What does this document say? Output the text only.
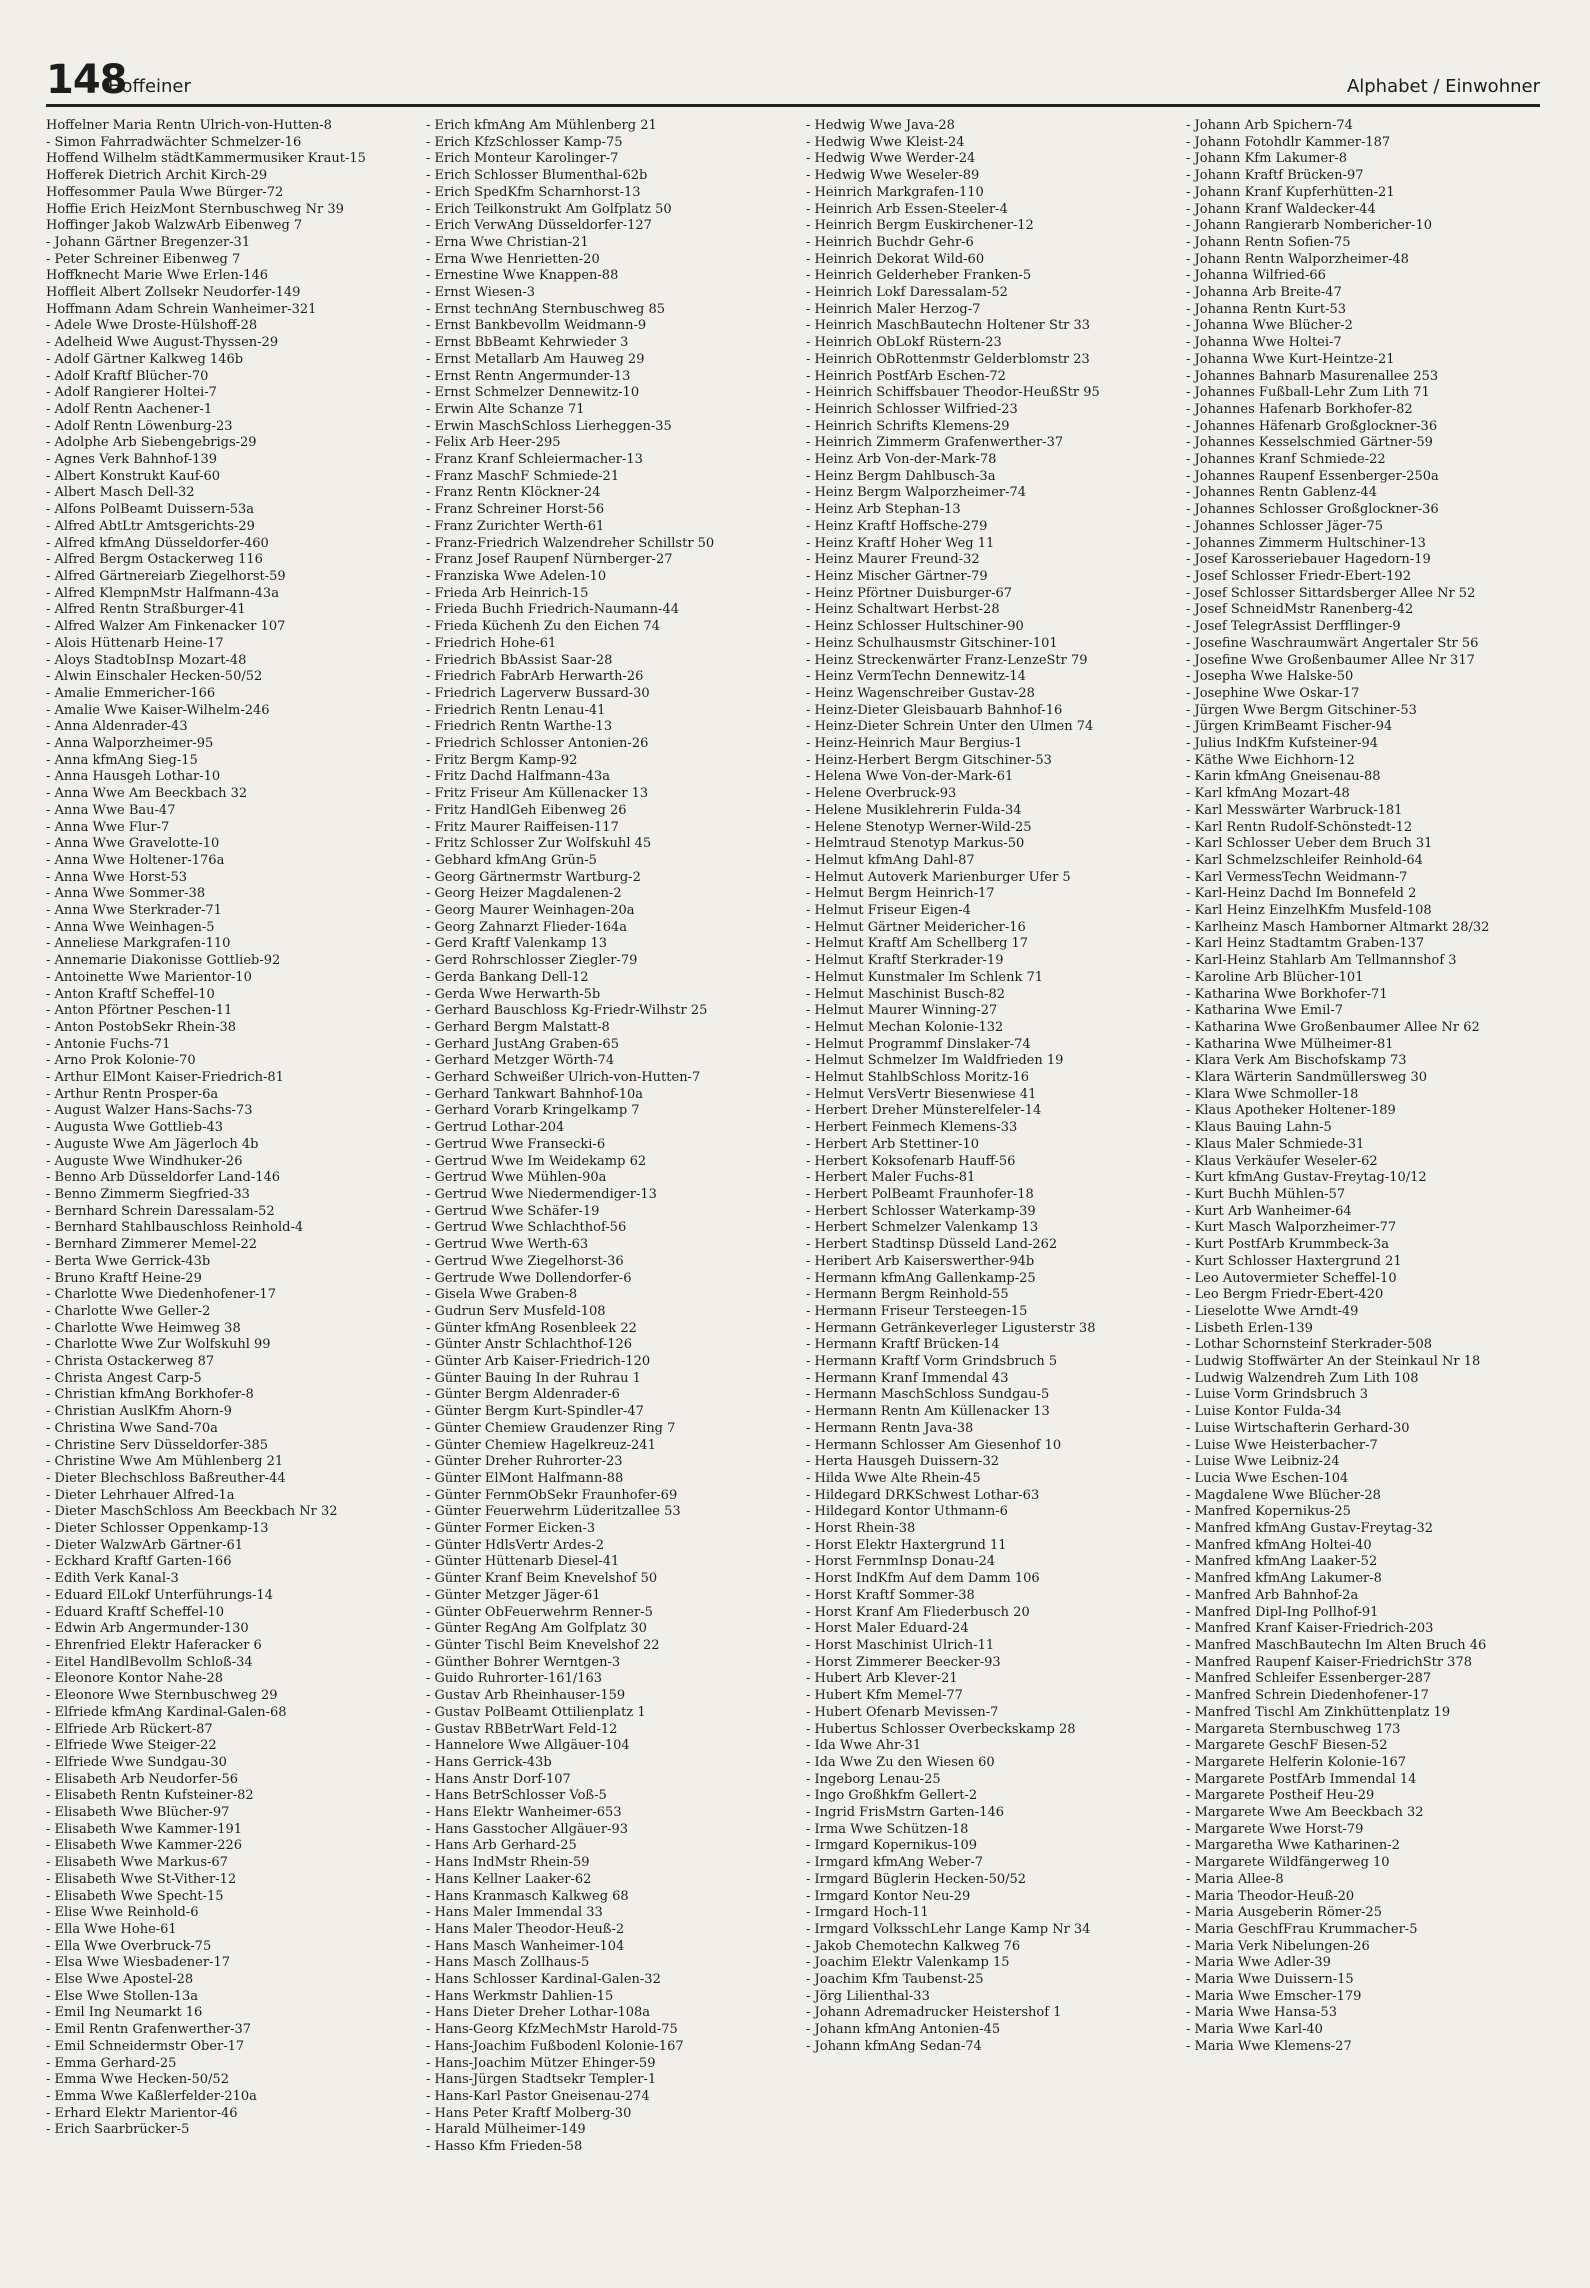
148
Hoffeiner	Alphabet / Einwohner
Hoffelner Maria Rentn Ulrich-von-Hutten-8
- Simon Fahrradwächter Schmelzer-16
Hoffend Wilhelm städtKammermusiker Kraut-15
Hofferek Dietrich Archit Kirch-29
Hoffesommer Paula Wwe Bürger-72
Hoffie Erich HeizMont Sternbuschweg Nr 39
Hoffinger Jakob WalzwArb Eibenweg 7
- Johann Gärtner Bregenzer-31
- Peter Schreiner Eibenweg 7
Hoffknecht Marie Wwe Erlen-146
Hoffleit Albert Zollsekr Neudorfer-149
Hoffmann Adam Schrein Wanheimer-321
- Adele Wwe Droste-Hülshoff-28
- Adelheid Wwe August-Thyssen-29
- Adolf Gärtner Kalkweg 146b
- Adolf Kraftf Blücher-70
- Adolf Rangierer Holtei-7
- Adolf Rentn Aachener-1
- Adolf Rentn Löwenburg-23
- Adolphe Arb Siebengebrigs-29
- Agnes Verk Bahnhof-139
- Albert Konstrukt Kauf-60
- Albert Masch Dell-32
- Alfons PolBeamt Duissern-53a
- Alfred AbtLtr Amtsgerichts-29
- Alfred kfmAng Düsseldorfer-460
- Alfred Bergm Ostackerweg 116
- Alfred Gärtnereiarb Ziegelhorst-59
- Alfred KlempnMstr Halfmann-43a
- Alfred Rentn Straßburger-41
- Alfred Walzer Am Finkenacker 107
- Alois Hüttenarb Heine-17
- Aloys StadtobInsp Mozart-48
- Alwin Einschaler Hecken-50/52
- Amalie Emmericher-166
- Amalie Wwe Kaiser-Wilhelm-246
- Anna Aldenrader-43
- Anna Walporzheimer-95
- Anna kfmAng Sieg-15
- Anna Hausgeh Lothar-10
- Anna Wwe Am Beeckbach 32
- Anna Wwe Bau-47
- Anna Wwe Flur-7
- Anna Wwe Gravelotte-10
- Anna Wwe Holtener-176a
- Anna Wwe Horst-53
- Anna Wwe Sommer-38
- Anna Wwe Sterkrader-71
- Anna Wwe Weinhagen-5
- Anneliese Markgrafen-110
- Annemarie Diakonisse Gottlieb-92
- Antoinette Wwe Marientor-10
- Anton Kraftf Scheffel-10
- Anton Pförtner Peschen-11
- Anton PostobSekr Rhein-38
- Antonie Fuchs-71
- Arno Prok Kolonie-70
- Arthur ElMont Kaiser-Friedrich-81
- Arthur Rentn Prosper-6a
- August Walzer Hans-Sachs-73
- Augusta Wwe Gottlieb-43
- Auguste Wwe Am Jägerloch 4b
- Auguste Wwe Windhuker-26
- Benno Arb Düsseldorfer Land-146
- Benno Zimmerm Siegfried-33
- Bernhard Schrein Daressalam-52
- Bernhard Stahlbauschloss Reinhold-4
- Bernhard Zimmerer Memel-22
- Berta Wwe Gerrick-43b
- Bruno Kraftf Heine-29
- Charlotte Wwe Diedenhofener-17
- Charlotte Wwe Geller-2
- Charlotte Wwe Heimweg 38
- Charlotte Wwe Zur Wolfskuhl 99
- Christa Ostackerweg 87
- Christa Angest Carp-5
- Christian kfmAng Borkhofer-8
- Christian AuslKfm Ahorn-9
- Christina Wwe Sand-70a
- Christine Serv Düsseldorfer-385
- Christine Wwe Am Mühlenberg 21
- Dieter Blechschloss Baßreuther-44
- Dieter Lehrhauer Alfred-1a
- Dieter MaschSchloss Am Beeckbach Nr 32
- Dieter Schlosser Oppenkamp-13
- Dieter WalzwArb Gärtner-61
- Eckhard Kraftf Garten-166
- Edith Verk Kanal-3
- Eduard ElLokf Unterführungs-14
- Eduard Kraftf Scheffel-10
- Edwin Arb Angermunder-130
- Ehrenfried Elektr Haferacker 6
- Eitel HandlBevollm Schloß-34
- Eleonore Kontor Nahe-28
- Eleonore Wwe Sternbuschweg 29
- Elfriede kfmAng Kardinal-Galen-68
- Elfriede Arb Rückert-87
- Elfriede Wwe Steiger-22
- Elfriede Wwe Sundgau-30
- Elisabeth Arb Neudorfer-56
- Elisabeth Rentn Kufsteiner-82
- Elisabeth Wwe Blücher-97
- Elisabeth Wwe Kammer-191
- Elisabeth Wwe Kammer-226
- Elisabeth Wwe Markus-67
- Elisabeth Wwe St-Vither-12
- Elisabeth Wwe Specht-15
- Elise Wwe Reinhold-6
- Ella Wwe Hohe-61
- Ella Wwe Overbruck-75
- Elsa Wwe Wiesbadener-17
- Else Wwe Apostel-28
- Else Wwe Stollen-13a
- Emil Ing Neumarkt 16
- Emil Rentn Grafenwerther-37
- Emil Schneidermstr Ober-17
- Emma Gerhard-25
- Emma Wwe Hecken-50/52
- Emma Wwe Kaßlerfelder-210a
- Erhard Elektr Marientor-46
- Erich Saarbrücker-5
- Erich kfmAng Am Mühlenberg 21
- Erich KfzSchlosser Kamp-75
- Erich Monteur Karolinger-7
- Erich Schlosser Blumenthal-62b
- Erich SpedKfm Scharnhorst-13
- Erich Teilkonstrukt Am Golfplatz 50
- Erich VerwAng Düsseldorfer-127
- Erna Wwe Christian-21
- Erna Wwe Henrietten-20
- Ernestine Wwe Knappen-88
- Ernst Wiesen-3
- Ernst technAng Sternbuschweg 85
- Ernst Bankbevollm Weidmann-9
- Ernst BbBeamt Kehrwieder 3
- Ernst Metallarb Am Hauweg 29
- Ernst Rentn Angermunder-13
- Ernst Schmelzer Dennewitz-10
- Erwin Alte Schanze 71
- Erwin MaschSchloss Lierheggen-35
- Felix Arb Heer-295
- Franz Kranf Schleiermacher-13
- Franz MaschF Schmiede-21
- Franz Rentn Klöckner-24
- Franz Schreiner Horst-56
- Franz Zurichter Werth-61
- Franz-Friedrich Walzendreher Schillstr 50
- Franz Josef Raupenf Nürnberger-27
- Franziska Wwe Adelen-10
- Frieda Arb Heinrich-15
- Frieda Buchh Friedrich-Naumann-44
- Frieda Küchenh Zu den Eichen 74
- Friedrich Hohe-61
- Friedrich BbAssist Saar-28
- Friedrich FabrArb Herwarth-26
- Friedrich Lagerverw Bussard-30
- Friedrich Rentn Lenau-41
- Friedrich Rentn Warthe-13
- Friedrich Schlosser Antonien-26
- Fritz Bergm Kamp-92
- Fritz Dachd Halfmann-43a
- Fritz Friseur Am Küllenacker 13
- Fritz HandlGeh Eibenweg 26
- Fritz Maurer Raiffeisen-117
- Fritz Schlosser Zur Wolfskuhl 45
- Gebhard kfmAng Grün-5
- Georg Gärtnermstr Wartburg-2
- Georg Heizer Magdalenen-2
- Georg Maurer Weinhagen-20a
- Georg Zahnarzt Flieder-164a
- Gerd Kraftf Valenkamp 13
- Gerd Rohrschlosser Ziegler-79
- Gerda Bankang Dell-12
- Gerda Wwe Herwarth-5b
- Gerhard Bauschloss Kg-Friedr-Wilhstr 25
- Gerhard Bergm Malstatt-8
- Gerhard JustAng Graben-65
- Gerhard Metzger Wörth-74
- Gerhard Schweißer Ulrich-von-Hutten-7
- Gerhard Tankwart Bahnhof-10a
- Gerhard Vorarb Kringelkamp 7
- Gertrud Lothar-204
- Gertrud Wwe Fransecki-6
- Gertrud Wwe Im Weidekamp 62
- Gertrud Wwe Mühlen-90a
- Gertrud Wwe Niedermendiger-13
- Gertrud Wwe Schäfer-19
- Gertrud Wwe Schlachthof-56
- Gertrud Wwe Werth-63
- Gertrud Wwe Ziegelhorst-36
- Gertrude Wwe Dollendorfer-6
- Gisela Wwe Graben-8
- Gudrun Serv Musfeld-108
- Günter kfmAng Rosenbleek 22
- Günter Anstr Schlachthof-126
- Günter Arb Kaiser-Friedrich-120
- Günter Bauing In der Ruhrau 1
- Günter Bergm Aldenrader-6
- Günter Bergm Kurt-Spindler-47
- Günter Chemiew Graudenzer Ring 7
- Günter Chemiew Hagelkreuz-241
- Günter Dreher Ruhrorter-23
- Günter ElMont Halfmann-88
- Günter FernmObSekr Fraunhofer-69
- Günter Feuerwehrm Lüderitzallee 53
- Günter Former Eicken-3
- Günter HdlsVertr Ardes-2
- Günter Hüttenarb Diesel-41
- Günter Kranf Beim Knevelshof 50
- Günter Metzger Jäger-61
- Günter ObFeuerwehrm Renner-5
- Günter RegAng Am Golfplatz 30
- Günter Tischl Beim Knevelshof 22
- Günther Bohrer Werntgen-3
- Guido Ruhrorter-161/163
- Gustav Arb Rheinhauser-159
- Gustav PolBeamt Ottilienplatz 1
- Gustav RBBetrWart Feld-12
- Hannelore Wwe Allgäuer-104
- Hans Gerrick-43b
- Hans Anstr Dorf-107
- Hans BetrSchlosser Voß-5
- Hans Elektr Wanheimer-653
- Hans Gasstocher Allgäuer-93
- Hans Arb Gerhard-25
- Hans IndMstr Rhein-59
- Hans Kellner Laaker-62
- Hans Kranmasch Kalkweg 68
- Hans Maler Immendal 33
- Hans Maler Theodor-Heuß-2
- Hans Masch Wanheimer-104
- Hans Masch Zollhaus-5
- Hans Schlosser Kardinal-Galen-32
- Hans Werkmstr Dahlien-15
- Hans Dieter Dreher Lothar-108a
- Hans-Georg KfzMechMstr Harold-75
- Hans-Joachim Fußbodenl Kolonie-167
- Hans-Joachim Mützer Ehinger-59
- Hans-Jürgen Stadtsekr Templer-1
- Hans-Karl Pastor Gneisenau-274
- Hans Peter Kraftf Molberg-30
- Harald Mülheimer-149
- Hasso Kfm Frieden-58
- Hedwig Wwe Java-28
- Hedwig Wwe Kleist-24
- Hedwig Wwe Werder-24
- Hedwig Wwe Weseler-89
- Heinrich Markgrafen-110
- Heinrich Arb Essen-Steeler-4
- Heinrich Bergm Euskirchener-12
- Heinrich Buchdr Gehr-6
- Heinrich Dekorat Wild-60
- Heinrich Gelderheber Franken-5
- Heinrich Lokf Daressalam-52
- Heinrich Maler Herzog-7
- Heinrich MaschBautechn Holtener Str 33
- Heinrich ObLokf Rüstern-23
- Heinrich ObRottenmstr Gelderblomstr 23
- Heinrich PostfArb Eschen-72
- Heinrich Schiffsbauer Theodor-HeußStr 95
- Heinrich Schlosser Wilfried-23
- Heinrich Schrifts Klemens-29
- Heinrich Zimmerm Grafenwerther-37
- Heinz Arb Von-der-Mark-78
- Heinz Bergm Dahlbusch-3a
- Heinz Bergm Walporzheimer-74
- Heinz Arb Stephan-13
- Heinz Kraftf Hoffsche-279
- Heinz Kraftf Hoher Weg 11
- Heinz Maurer Freund-32
- Heinz Mischer Gärtner-79
- Heinz Pförtner Duisburger-67
- Heinz Schaltwart Herbst-28
- Heinz Schlosser Hultschiner-90
- Heinz Schulhausmstr Gitschiner-101
- Heinz Streckenwärter Franz-LenzeStr 79
- Heinz VermTechn Dennewitz-14
- Heinz Wagenschreiber Gustav-28
- Heinz-Dieter Gleisbauarb Bahnhof-16
- Heinz-Dieter Schrein Unter den Ulmen 74
- Heinz-Heinrich Maur Bergius-1
- Heinz-Herbert Bergm Gitschiner-53
- Helena Wwe Von-der-Mark-61
- Helene Overbruck-93
- Helene Musiklehrerin Fulda-34
- Helene Stenotyp Werner-Wild-25
- Helmtraud Stenotyp Markus-50
- Helmut kfmAng Dahl-87
- Helmut Autoverk Marienburger Ufer 5
- Helmut Bergm Heinrich-17
- Helmut Friseur Eigen-4
- Helmut Gärtner Meidericher-16
- Helmut Kraftf Am Schellberg 17
- Helmut Kraftf Sterkrader-19
- Helmut Kunstmaler Im Schlenk 71
- Helmut Maschinist Busch-82
- Helmut Maurer Winning-27
- Helmut Mechan Kolonie-132
- Helmut Programmf Dinslaker-74
- Helmut Schmelzer Im Waldfrieden 19
- Helmut StahlbSchloss Moritz-16
- Helmut VersVertr Biesenwiese 41
- Herbert Dreher Münsterelfeler-14
- Herbert Feinmech Klemens-33
- Herbert Arb Stettiner-10
- Herbert Koksofenarb Hauff-56
- Herbert Maler Fuchs-81
- Herbert PolBeamt Fraunhofer-18
- Herbert Schlosser Waterkamp-39
- Herbert Schmelzer Valenkamp 13
- Herbert Stadtinsp Düsseld Land-262
- Heribert Arb Kaiserswerther-94b
- Hermann kfmAng Gallenkamp-25
- Hermann Bergm Reinhold-55
- Hermann Friseur Tersteegen-15
- Hermann Getränkeverleger Ligusterstr 38
- Hermann Kraftf Brücken-14
- Hermann Kraftf Vorm Grindsbruch 5
- Hermann Kranf Immendal 43
- Hermann MaschSchloss Sundgau-5
- Hermann Rentn Am Küllenacker 13
- Hermann Rentn Java-38
- Hermann Schlosser Am Giesenhof 10
- Herta Hausgeh Duissern-32
- Hilda Wwe Alte Rhein-45
- Hildegard DRKSchwest Lothar-63
- Hildegard Kontor Uthmann-6
- Horst Rhein-38
- Horst Elektr Haxtergrund 11
- Horst FernmInsp Donau-24
- Horst IndKfm Auf dem Damm 106
- Horst Kraftf Sommer-38
- Horst Kranf Am Fliederbusch 20
- Horst Maler Eduard-24
- Horst Maschinist Ulrich-11
- Horst Zimmerer Beecker-93
- Hubert Arb Klever-21
- Hubert Kfm Memel-77
- Hubert Ofenarb Mevissen-7
- Hubertus Schlosser Overbeckskamp 28
- Ida Wwe Ahr-31
- Ida Wwe Zu den Wiesen 60
- Ingeborg Lenau-25
- Ingo Großhkfm Gellert-2
- Ingrid FrisMstrn Garten-146
- Irma Wwe Schützen-18
- Irmgard Kopernikus-109
- Irmgard kfmAng Weber-7
- Irmgard Büglerin Hecken-50/52
- Irmgard Kontor Neu-29
- Irmgard Hoch-11
- Irmgard VolksschLehr Lange Kamp Nr 34
- Jakob Chemotechn Kalkweg 76
- Joachim Elektr Valenkamp 15
- Joachim Kfm Taubenst-25
- Jörg Lilienthal-33
- Johann Adremadrucker Heistershof 1
- Johann kfmAng Antonien-45
- Johann kfmAng Sedan-74
- Johann Arb Spichern-74
- Johann Fotohdlr Kammer-187
- Johann Kfm Lakumer-8
- Johann Kraftf Brücken-97
- Johann Kranf Kupferhütten-21
- Johann Kranf Waldecker-44
- Johann Rangierarb Nombericher-10
- Johann Rentn Sofien-75
- Johann Rentn Walporzheimer-48
- Johanna Wilfried-66
- Johanna Arb Breite-47
- Johanna Rentn Kurt-53
- Johanna Wwe Blücher-2
- Johanna Wwe Holtei-7
- Johanna Wwe Kurt-Heintze-21
- Johannes Bahnarb Masurenallee 253
- Johannes Fußball-Lehr Zum Lith 71
- Johannes Hafenarb Borkhofer-82
- Johannes Häfenarb Großglockner-36
- Johannes Kesselschmied Gärtner-59
- Johannes Kranf Schmiede-22
- Johannes Raupenf Essenberger-250a
- Johannes Rentn Gablenz-44
- Johannes Schlosser Großglockner-36
- Johannes Schlosser Jäger-75
- Johannes Zimmerm Hultschiner-13
- Josef Karosseriebauer Hagedorn-19
- Josef Schlosser Friedr-Ebert-192
- Josef Schlosser Sittardsberger Allee Nr 52
- Josef SchneidMstr Ranenberg-42
- Josef TelegrAssist Derfflinger-9
- Josefine Waschraumwärt Angertaler Str 56
- Josefine Wwe Großenbaumer Allee Nr 317
- Josepha Wwe Halske-50
- Josephine Wwe Oskar-17
- Jürgen Wwe Bergm Gitschiner-53
- Jürgen KrimBeamt Fischer-94
- Julius IndKfm Kufsteiner-94
- Käthe Wwe Eichhorn-12
- Karin kfmAng Gneisenau-88
- Karl kfmAng Mozart-48
- Karl Messwärter Warbruck-181
- Karl Rentn Rudolf-Schönstedt-12
- Karl Schlosser Ueber dem Bruch 31
- Karl Schmelzschleifer Reinhold-64
- Karl VermessTechn Weidmann-7
- Karl-Heinz Dachd Im Bonnefeld 2
- Karl Heinz EinzelhKfm Musfeld-108
- Karlheinz Masch Hamborner Altmarkt 28/32
- Karl Heinz Stadtamtm Graben-137
- Karl-Heinz Stahlarb Am Tellmannshof 3
- Karoline Arb Blücher-101
- Katharina Wwe Borkhofer-71
- Katharina Wwe Emil-7
- Katharina Wwe Großenbaumer Allee Nr 62
- Katharina Wwe Mülheimer-81
- Klara Verk Am Bischofskamp 73
- Klara Wärterin Sandmüllersweg 30
- Klara Wwe Schmoller-18
- Klaus Apotheker Holtener-189
- Klaus Bauing Lahn-5
- Klaus Maler Schmiede-31
- Klaus Verkäufer Weseler-62
- Kurt kfmAng Gustav-Freytag-10/12
- Kurt Buchh Mühlen-57
- Kurt Arb Wanheimer-64
- Kurt Masch Walporzheimer-77
- Kurt PostfArb Krummbeck-3a
- Kurt Schlosser Haxtergrund 21
- Leo Autovermieter Scheffel-10
- Leo Bergm Friedr-Ebert-420
- Lieselotte Wwe Arndt-49
- Lisbeth Erlen-139
- Lothar Schornsteinf Sterkrader-508
- Ludwig Stoffwärter An der Steinkaul Nr 18
- Ludwig Walzendreh Zum Lith 108
- Luise Vorm Grindsbruch 3
- Luise Kontor Fulda-34
- Luise Wirtschafterin Gerhard-30
- Luise Wwe Heisterbacher-7
- Luise Wwe Leibniz-24
- Lucia Wwe Eschen-104
- Magdalene Wwe Blücher-28
- Manfred Kopernikus-25
- Manfred kfmAng Gustav-Freytag-32
- Manfred kfmAng Holtei-40
- Manfred kfmAng Laaker-52
- Manfred kfmAng Lakumer-8
- Manfred Arb Bahnhof-2a
- Manfred Dipl-Ing Pollhof-91
- Manfred Kranf Kaiser-Friedrich-203
- Manfred MaschBautechn Im Alten Bruch 46
- Manfred Raupenf Kaiser-FriedrichStr 378
- Manfred Schleifer Essenberger-287
- Manfred Schrein Diedenhofener-17
- Manfred Tischl Am Zinkhüttenplatz 19
- Margareta Sternbuschweg 173
- Margarete GeschF Biesen-52
- Margarete Helferin Kolonie-167
- Margarete PostfArb Immendal 14
- Margarete Postheif Heu-29
- Margarete Wwe Am Beeckbach 32
- Margarete Wwe Horst-79
- Margaretha Wwe Katharinen-2
- Margarete Wildfängerweg 10
- Maria Allee-8
- Maria Theodor-Heuß-20
- Maria Ausgeberin Römer-25
- Maria GeschfFrau Krummacher-5
- Maria Verk Nibelungen-26
- Maria Wwe Adler-39
- Maria Wwe Duissern-15
- Maria Wwe Emscher-179
- Maria Wwe Hansa-53
- Maria Wwe Karl-40
- Maria Wwe Klemens-27
